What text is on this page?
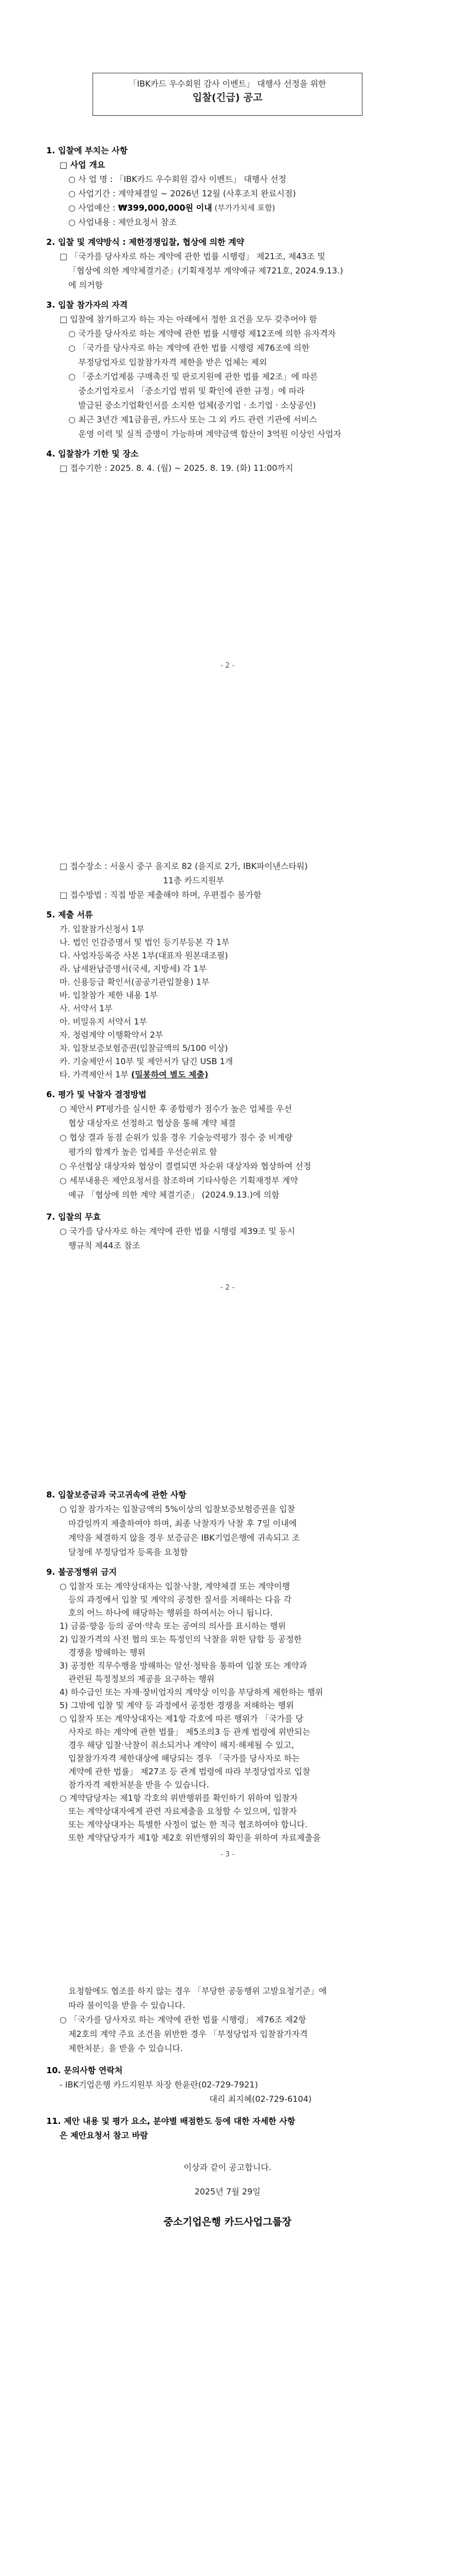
「IBK카드 우수회원 감사 이벤트」 대행사 선정을 위한
입찰(긴급) 공고
1. 입찰에 부치는 사항
□ 사업 개요
○ 사 업 명 : 「IBK카드 우수회원 감사 이벤트」 대행사 선정
○ 사업기간 : 계약체결일 ~ 2026년 12월 (사후조치 완료시점)
○ 사업예산 : ₩399,000,000원 이내 (부가가치세 포함)
○ 사업내용 : 제안요청서 참조
2. 입찰 및 계약방식 : 제한경쟁입찰, 협상에 의한 계약
□ 「국가를 당사자로 하는 계약에 관한 법률 시행령」 제21조, 제43조 및
「협상에 의한 계약체결기준」(기획재정부 계약예규 제721호, 2024.9.13.)
에 의거함
3. 입찰 참가자의 자격
□ 입찰에 참가하고자 하는 자는 아래에서 정한 요건을 모두 갖추어야 함
○ 국가를 당사자로 하는 계약에 관한 법률 시행령 제12조에 의한 유자격자
○ 「국가를 당사자로 하는 계약에 관한 법률 시행령 제76조에 의한
부정당업자로 입찰참가자격 제한을 받은 업체는 제외
○ 「중소기업제품 구매촉진 및 판로지원에 관한 법률 제2조」에 따른
중소기업자로서 「중소기업 범위 및 확인에 관한 규정」에 따라
발급된 중소기업확인서를 소지한 업체(중기업 · 소기업 · 소상공인)
○ 최근 3년간 제1금융권, 카드사 또는 그 외 카드 관련 기관에 서비스
운영 이력 및 실적 증명이 가능하며 계약금액 합산이 3억원 이상인 사업자
4. 입찰참가 기한 및 장소
□ 접수기한 : 2025. 8. 4. (월) ~ 2025. 8. 19. (화) 11:00까지
- 2 -
□ 접수장소 : 서울시 중구 을지로 82 (을지로 2가, IBK파이낸스타워)
11층 카드지원부
□ 접수방법 : 직접 방문 제출해야 하며, 우편접수 불가함
5. 제출 서류
가. 입찰참가신청서 1부
나. 법인 인감증명서 및 법인 등기부등본 각 1부
다. 사업자등록증 사본 1부(대표자 원본대조필)
라. 납세완납증명서(국세, 지방세) 각 1부
마. 신용등급 확인서(공공기관입찰용) 1부
바. 입찰참가 제한 내용 1부
사. 서약서 1부
아. 비밀유지 서약서 1부
자. 청렴계약 이행확약서 2부
차. 입찰보증보험증권(입찰금액의 5/100 이상)
카. 기술제안서 10부 및 제안서가 담긴 USB 1개
타. 가격제안서 1부 (밀봉하여 별도 제출)
6. 평가 및 낙찰자 결정방법
○ 제안서 PT평가를 실시한 후 종합평가 점수가 높은 업체를 우선
협상 대상자로 선정하고 협상을 통해 계약 체결
○ 협상 결과 동점 순위가 있을 경우 기술능력평가 점수 중 비계량
평가의 합계가 높은 업체를 우선순위로 함
○ 우선협상 대상자와 협상이 결렬되면 차순위 대상자와 협상하여 선정
○ 세부내용은 제안요청서를 참조하며 기타사항은 기획재정부 계약
예규 「협상에 의한 계약 체결기준」 (2024.9.13.)에 의함
7. 입찰의 무효
○ 국가를 당사자로 하는 계약에 관한 법률 시행령 제39조 및 동시
행규칙 제44조 참조
- 2 -
8. 입찰보증금과 국고귀속에 관한 사항
○ 입찰 참가자는 입찰금액의 5%이상의 입찰보증보험증권을 입찰
마감일까지 제출하여야 하며, 최종 낙찰자가 낙찰 후 7일 이내에
계약을 체결하지 않을 경우 보증금은 IBK기업은행에 귀속되고 조
달청에 부정당업자 등록을 요청함
9. 불공정행위 금지
○ 입찰자 또는 계약상대자는 입찰·낙찰, 계약체결 또는 계약이행
등의 과정에서 입찰 및 계약의 공정한 질서를 저해하는 다음 각
호의 어느 하나에 해당하는 행위를 하여서는 아니 됩니다.
1) 금품·향응 등의 공여·약속 또는 공여의 의사를 표시하는 행위
2) 입찰가격의 사전 협의 또는 특정인의 낙찰을 위한 담합 등 공정한
경쟁을 방해하는 행위
3) 공정한 직무수행을 방해하는 알선·청탁을 통하여 입찰 또는 계약과
관련된 특정정보의 제공을 요구하는 행위
4) 하수급인 또는 자재·장비업자의 계약상 이익을 부당하게 제한하는 행위
5) 그밖에 입찰 및 계약 등 과정에서 공정한 경쟁을 저해하는 행위
○ 입찰자 또는 계약상대자는 제1항 각호에 따른 행위가 「국가를 당
사자로 하는 계약에 관한 법률」 제5조의3 등 관계 법령에 위반되는
경우 해당 입찰·낙찰이 취소되거나 계약이 해지·해제될 수 있고,
입찰참가자격 제한대상에 해당되는 경우 「국가를 당사자로 하는
계약에 관한 법률」 제27조 등 관계 법령에 따라 부정당업자로 입찰
참가자격 제한처분을 받을 수 있습니다.
○ 계약담당자는 제1항 각호의 위반행위를 확인하기 위하여 입찰자
또는 계약상대자에게 관련 자료제출을 요청할 수 있으며, 입찰자
또는 계약상대자는 특별한 사정이 없는 한 적극 협조하여야 합니다.
또한 계약담당자가 제1항 제2호 위반행위의 확인을 위하여 자료제출을
- 3 -
요청함에도 협조를 하지 않는 경우 「부당한 공동행위 고발요청기준」에
따라 불이익을 받을 수 있습니다.
○ 「국가를 당사자로 하는 계약에 관한 법률 시행령」 제76조 제2항
제2호의 계약 주요 조건을 위반한 경우 「부정당업자 입찰참가자격
제한처분」을 받을 수 있습니다.
10. 문의사항 연락처
- IBK기업은행 카드지원부 차장 한윤란(02-729-7921)
대리 최지혜(02-729-6104)
11. 제안 내용 및 평가 요소, 분야별 배점한도 등에 대한 자세한 사항
은 제안요청서 참고 바람
이상과 같이 공고합니다.
2025년 7월 29일
중소기업은행 카드사업그룹장
